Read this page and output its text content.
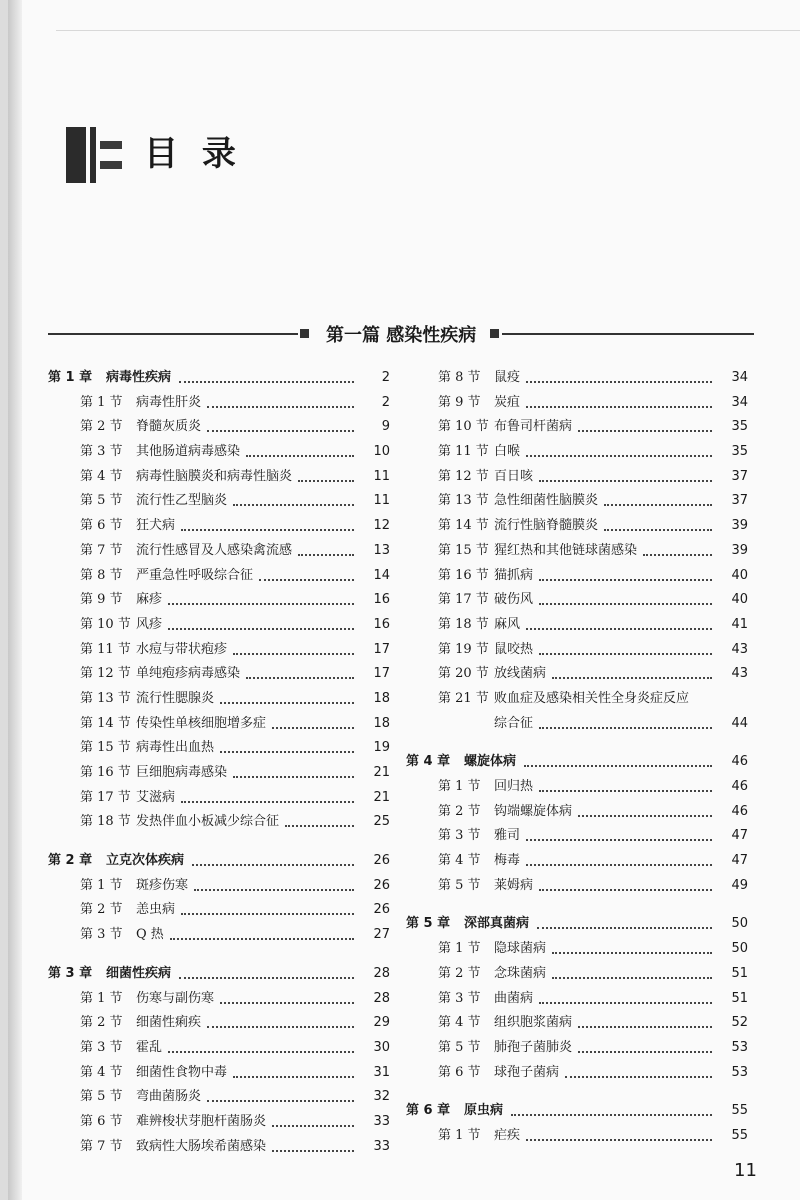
目 录
第一篇 感染性疾病
第 1 章 病毒性疾病	2
第 1 节 病毒性肝炎	2
第 2 节 脊髓灰质炎	9
第 3 节 其他肠道病毒感染	10
第 4 节 病毒性脑膜炎和病毒性脑炎	11
第 5 节 流行性乙型脑炎	11
第 6 节 狂犬病	12
第 7 节 流行性感冒及人感染禽流感	13
第 8 节 严重急性呼吸综合征	14
第 9 节 麻疹	16
第 10 节 风疹	16
第 11 节 水痘与带状疱疹	17
第 12 节 单纯疱疹病毒感染	17
第 13 节 流行性腮腺炎	18
第 14 节 传染性单核细胞增多症	18
第 15 节 病毒性出血热	19
第 16 节 巨细胞病毒感染	21
第 17 节 艾滋病	21
第 18 节 发热伴血小板减少综合征	25
第 2 章 立克次体疾病	26
第 1 节 斑疹伤寒	26
第 2 节 恙虫病	26
第 3 节 Q 热	27
第 3 章 细菌性疾病	28
第 1 节 伤寒与副伤寒	28
第 2 节 细菌性痢疾	29
第 3 节 霍乱	30
第 4 节 细菌性食物中毒	31
第 5 节 弯曲菌肠炎	32
第 6 节 难辨梭状芽胞杆菌肠炎	33
第 7 节 致病性大肠埃希菌感染	33
第 8 节 鼠疫	34
第 9 节 炭疽	34
第 10 节 布鲁司杆菌病	35
第 11 节 白喉	35
第 12 节 百日咳	37
第 13 节 急性细菌性脑膜炎	37
第 14 节 流行性脑脊髓膜炎	39
第 15 节 猩红热和其他链球菌感染	39
第 16 节 猫抓病	40
第 17 节 破伤风	40
第 18 节 麻风	41
第 19 节 鼠咬热	43
第 20 节 放线菌病	43
第 21 节 败血症及感染相关性全身炎症反应
综合征	44
第 4 章 螺旋体病	46
第 1 节 回归热	46
第 2 节 钩端螺旋体病	46
第 3 节 雅司	47
第 4 节 梅毒	47
第 5 节 莱姆病	49
第 5 章 深部真菌病	50
第 1 节 隐球菌病	50
第 2 节 念珠菌病	51
第 3 节 曲菌病	51
第 4 节 组织胞浆菌病	52
第 5 节 肺孢子菌肺炎	53
第 6 节 球孢子菌病	53
第 6 章 原虫病	55
第 1 节 疟疾	55
11
